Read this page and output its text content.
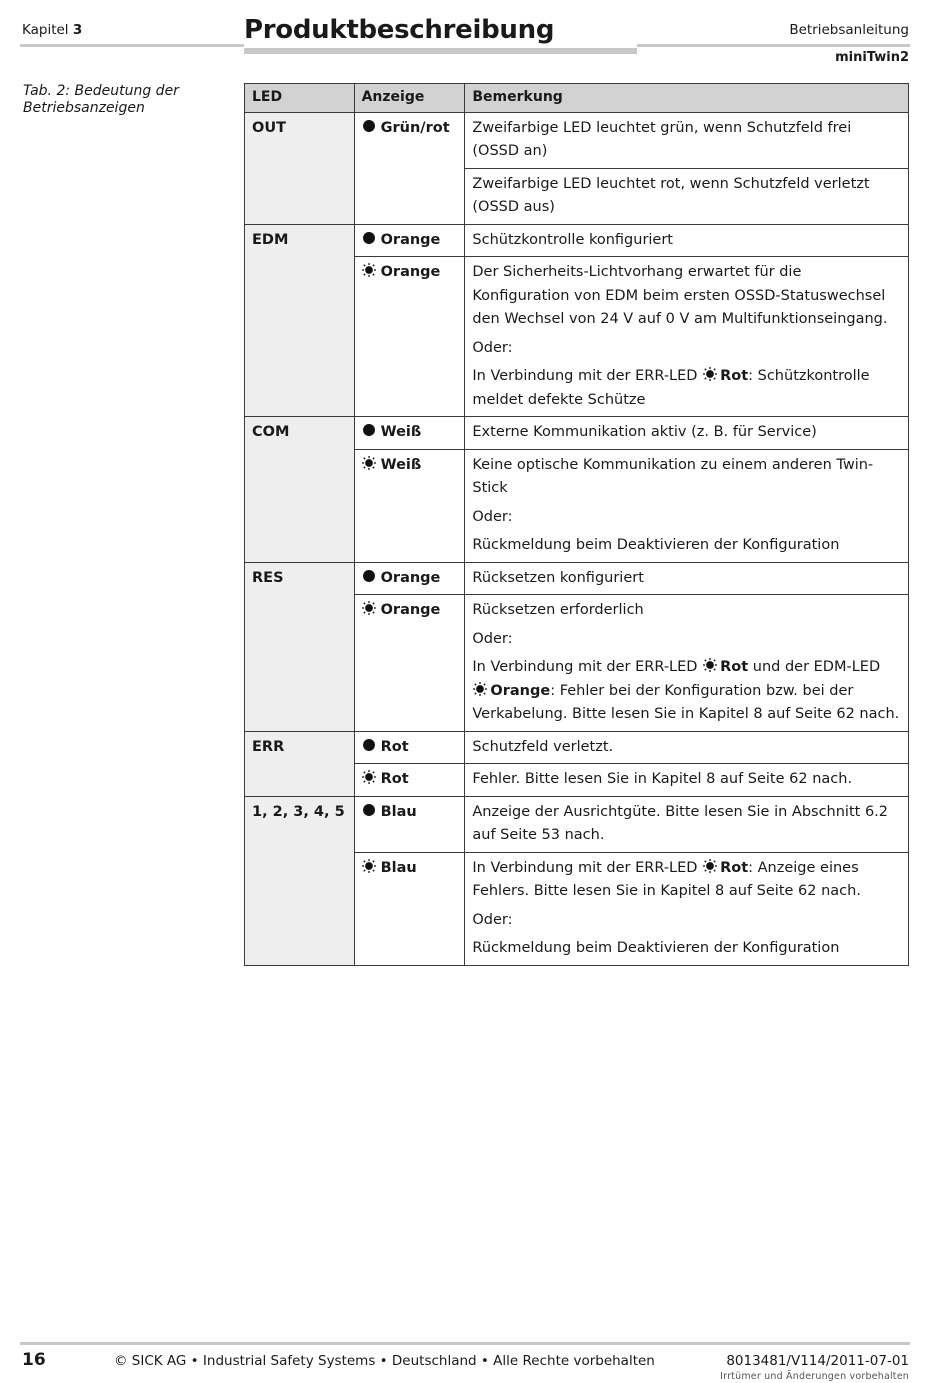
Kapitel 3	Produktbeschreibung	Betriebsanleitung
miniTwin2
Tab. 2: Bedeutung der Betriebsanzeigen
LED	Anzeige	Bemerkung
OUT	Grün/rot	Zweifarbige LED leuchtet grün, wenn Schutzfeld frei (OSSD an)

		Zweifarbige LED leuchtet rot, wenn Schutzfeld verletzt (OSSD aus)

EDM	Orange	Schützkontrolle konfiguriert

	Orange	Der Sicherheits-Lichtvorhang erwartet für die Konfiguration von EDM beim ersten OSSD-Statuswechsel den Wechsel von 24 V auf 0 V am Multifunktionseingang.
Oder:
In Verbindung mit der ERR-LED Rot: Schützkontrolle meldet defekte Schütze

COM	Weiß	Externe Kommunikation aktiv (z. B. für Service)

	Weiß	Keine optische Kommunikation zu einem anderen Twin-Stick
Oder:
Rückmeldung beim Deaktivieren der Konfiguration

RES	Orange	Rücksetzen konfiguriert

	Orange	Rücksetzen erforderlich
Oder:
In Verbindung mit der ERR-LED Rot und der EDM-LED Orange: Fehler bei der Konfiguration bzw. bei der Verkabelung. Bitte lesen Sie in Kapitel 8 auf Seite 62 nach.

ERR	Rot	Schutzfeld verletzt.

	Rot	Fehler. Bitte lesen Sie in Kapitel 8 auf Seite 62 nach.

1, 2, 3, 4, 5	Blau	Anzeige der Ausrichtgüte. Bitte lesen Sie in Abschnitt 6.2 auf Seite 53 nach.

	Blau	In Verbindung mit der ERR-LED Rot: Anzeige eines Fehlers. Bitte lesen Sie in Kapitel 8 auf Seite 62 nach.
Oder:
Rückmeldung beim Deaktivieren der Konfiguration
16	© SICK AG • Industrial Safety Systems • Deutschland • Alle Rechte vorbehalten	8013481/V114/2011-07-01
Irrtümer und Änderungen vorbehalten
